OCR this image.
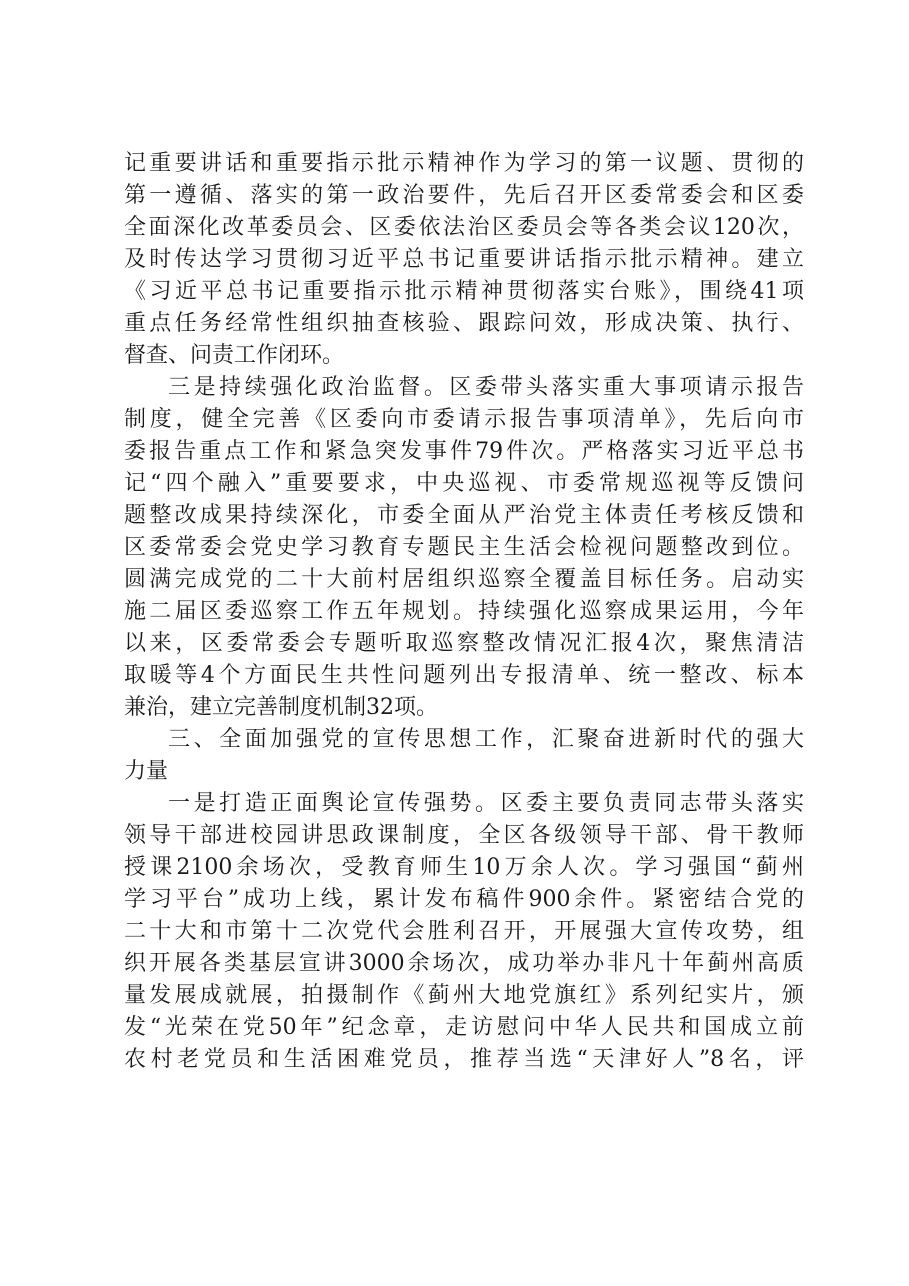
记重要讲话和重要指示批示精神作为学习的第一议题、贯彻的
第一遵循、落实的第一政治要件，先后召开区委常委会和区委
全面深化改革委员会、区委依法治区委员会等各类会议120次，
及时传达学习贯彻习近平总书记重要讲话指示批示精神。建立
《习近平总书记重要指示批示精神贯彻落实台账》，围绕41项
重点任务经常性组织抽查核验、跟踪问效，形成决策、执行、
督查、问责工作闭环。
三是持续强化政治监督。区委带头落实重大事项请示报告
制度，健全完善《区委向市委请示报告事项清单》，先后向市
委报告重点工作和紧急突发事件79件次。严格落实习近平总书
记“四个融入”重要要求，中央巡视、市委常规巡视等反馈问
题整改成果持续深化，市委全面从严治党主体责任考核反馈和
区委常委会党史学习教育专题民主生活会检视问题整改到位。
圆满完成党的二十大前村居组织巡察全覆盖目标任务。启动实
施二届区委巡察工作五年规划。持续强化巡察成果运用，今年
以来，区委常委会专题听取巡察整改情况汇报4次，聚焦清洁
取暖等4个方面民生共性问题列出专报清单、统一整改、标本
兼治，建立完善制度机制32项。
三、全面加强党的宣传思想工作，汇聚奋进新时代的强大
力量
一是打造正面舆论宣传强势。区委主要负责同志带头落实
领导干部进校园讲思政课制度，全区各级领导干部、骨干教师
授课2100余场次，受教育师生10万余人次。学习强国“蓟州
学习平台”成功上线，累计发布稿件900余件。紧密结合党的
二十大和市第十二次党代会胜利召开，开展强大宣传攻势，组
织开展各类基层宣讲3000余场次，成功举办非凡十年蓟州高质
量发展成就展，拍摄制作《蓟州大地党旗红》系列纪实片，颁
发“光荣在党50年”纪念章，走访慰问中华人民共和国成立前
农村老党员和生活困难党员，推荐当选“天津好人”8名，评
